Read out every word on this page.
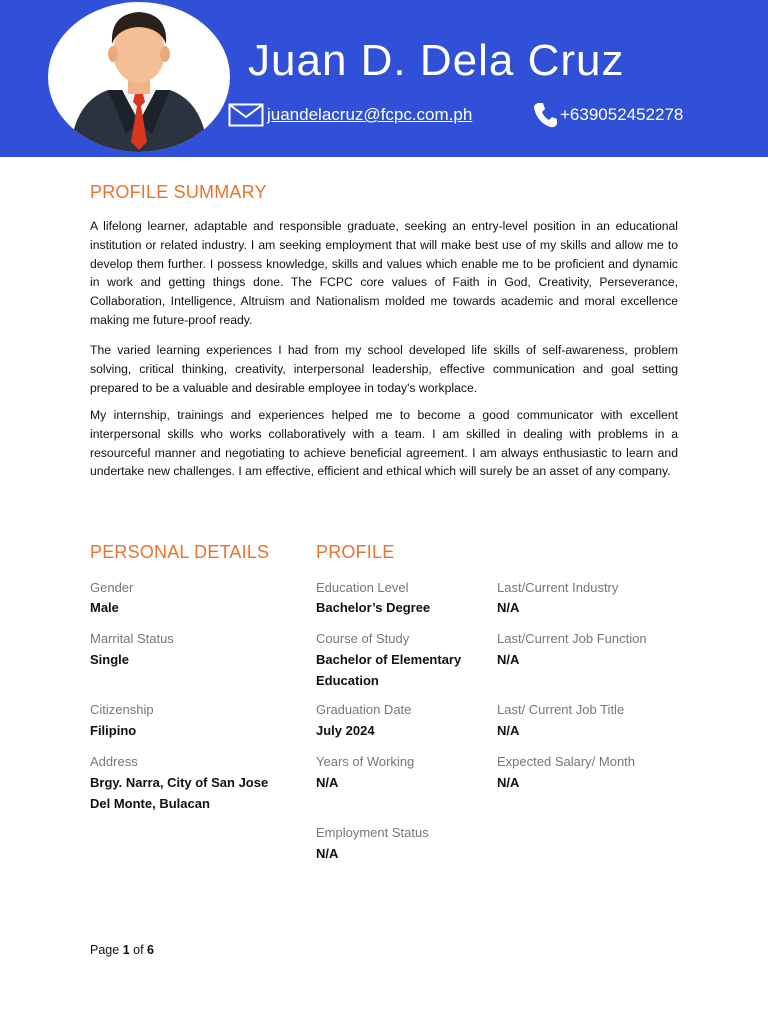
Juan D. Dela Cruz
juandelacruz@fcpc.com.ph	+639052452278
PROFILE SUMMARY
A lifelong learner, adaptable and responsible graduate, seeking an entry-level position in an educational institution or related industry. I am seeking employment that will make best use of my skills and allow me to develop them further. I possess knowledge, skills and values which enable me to be proficient and dynamic in work and getting things done. The FCPC core values of Faith in God, Creativity, Perseverance, Collaboration, Intelligence, Altruism and Nationalism molded me towards academic and moral excellence making me future-proof ready.
The varied learning experiences I had from my school developed life skills of self-awareness, problem solving, critical thinking, creativity, interpersonal leadership, effective communication and goal setting prepared to be a valuable and desirable employee in today's workplace.
My internship, trainings and experiences helped me to become a good communicator with excellent interpersonal skills who works collaboratively with a team. I am skilled in dealing with problems in a resourceful manner and negotiating to achieve beneficial agreement. I am always enthusiastic to learn and undertake new challenges. I am effective, efficient and ethical which will surely be an asset of any company.
PERSONAL DETAILS	PROFILE
Gender
Male
Marrital Status
Single
Citizenship
Filipino
Address
Brgy. Narra, City of San Jose Del Monte, Bulacan
Education Level
Bachelor’s Degree
Course of Study
Bachelor of Elementary Education
Graduation Date
July 2024
Years of Working
N/A
Employment Status
N/A
Last/Current Industry
N/A
Last/Current Job Function
N/A
Last/ Current Job Title
N/A
Expected Salary/ Month
N/A
Page 1 of 6
